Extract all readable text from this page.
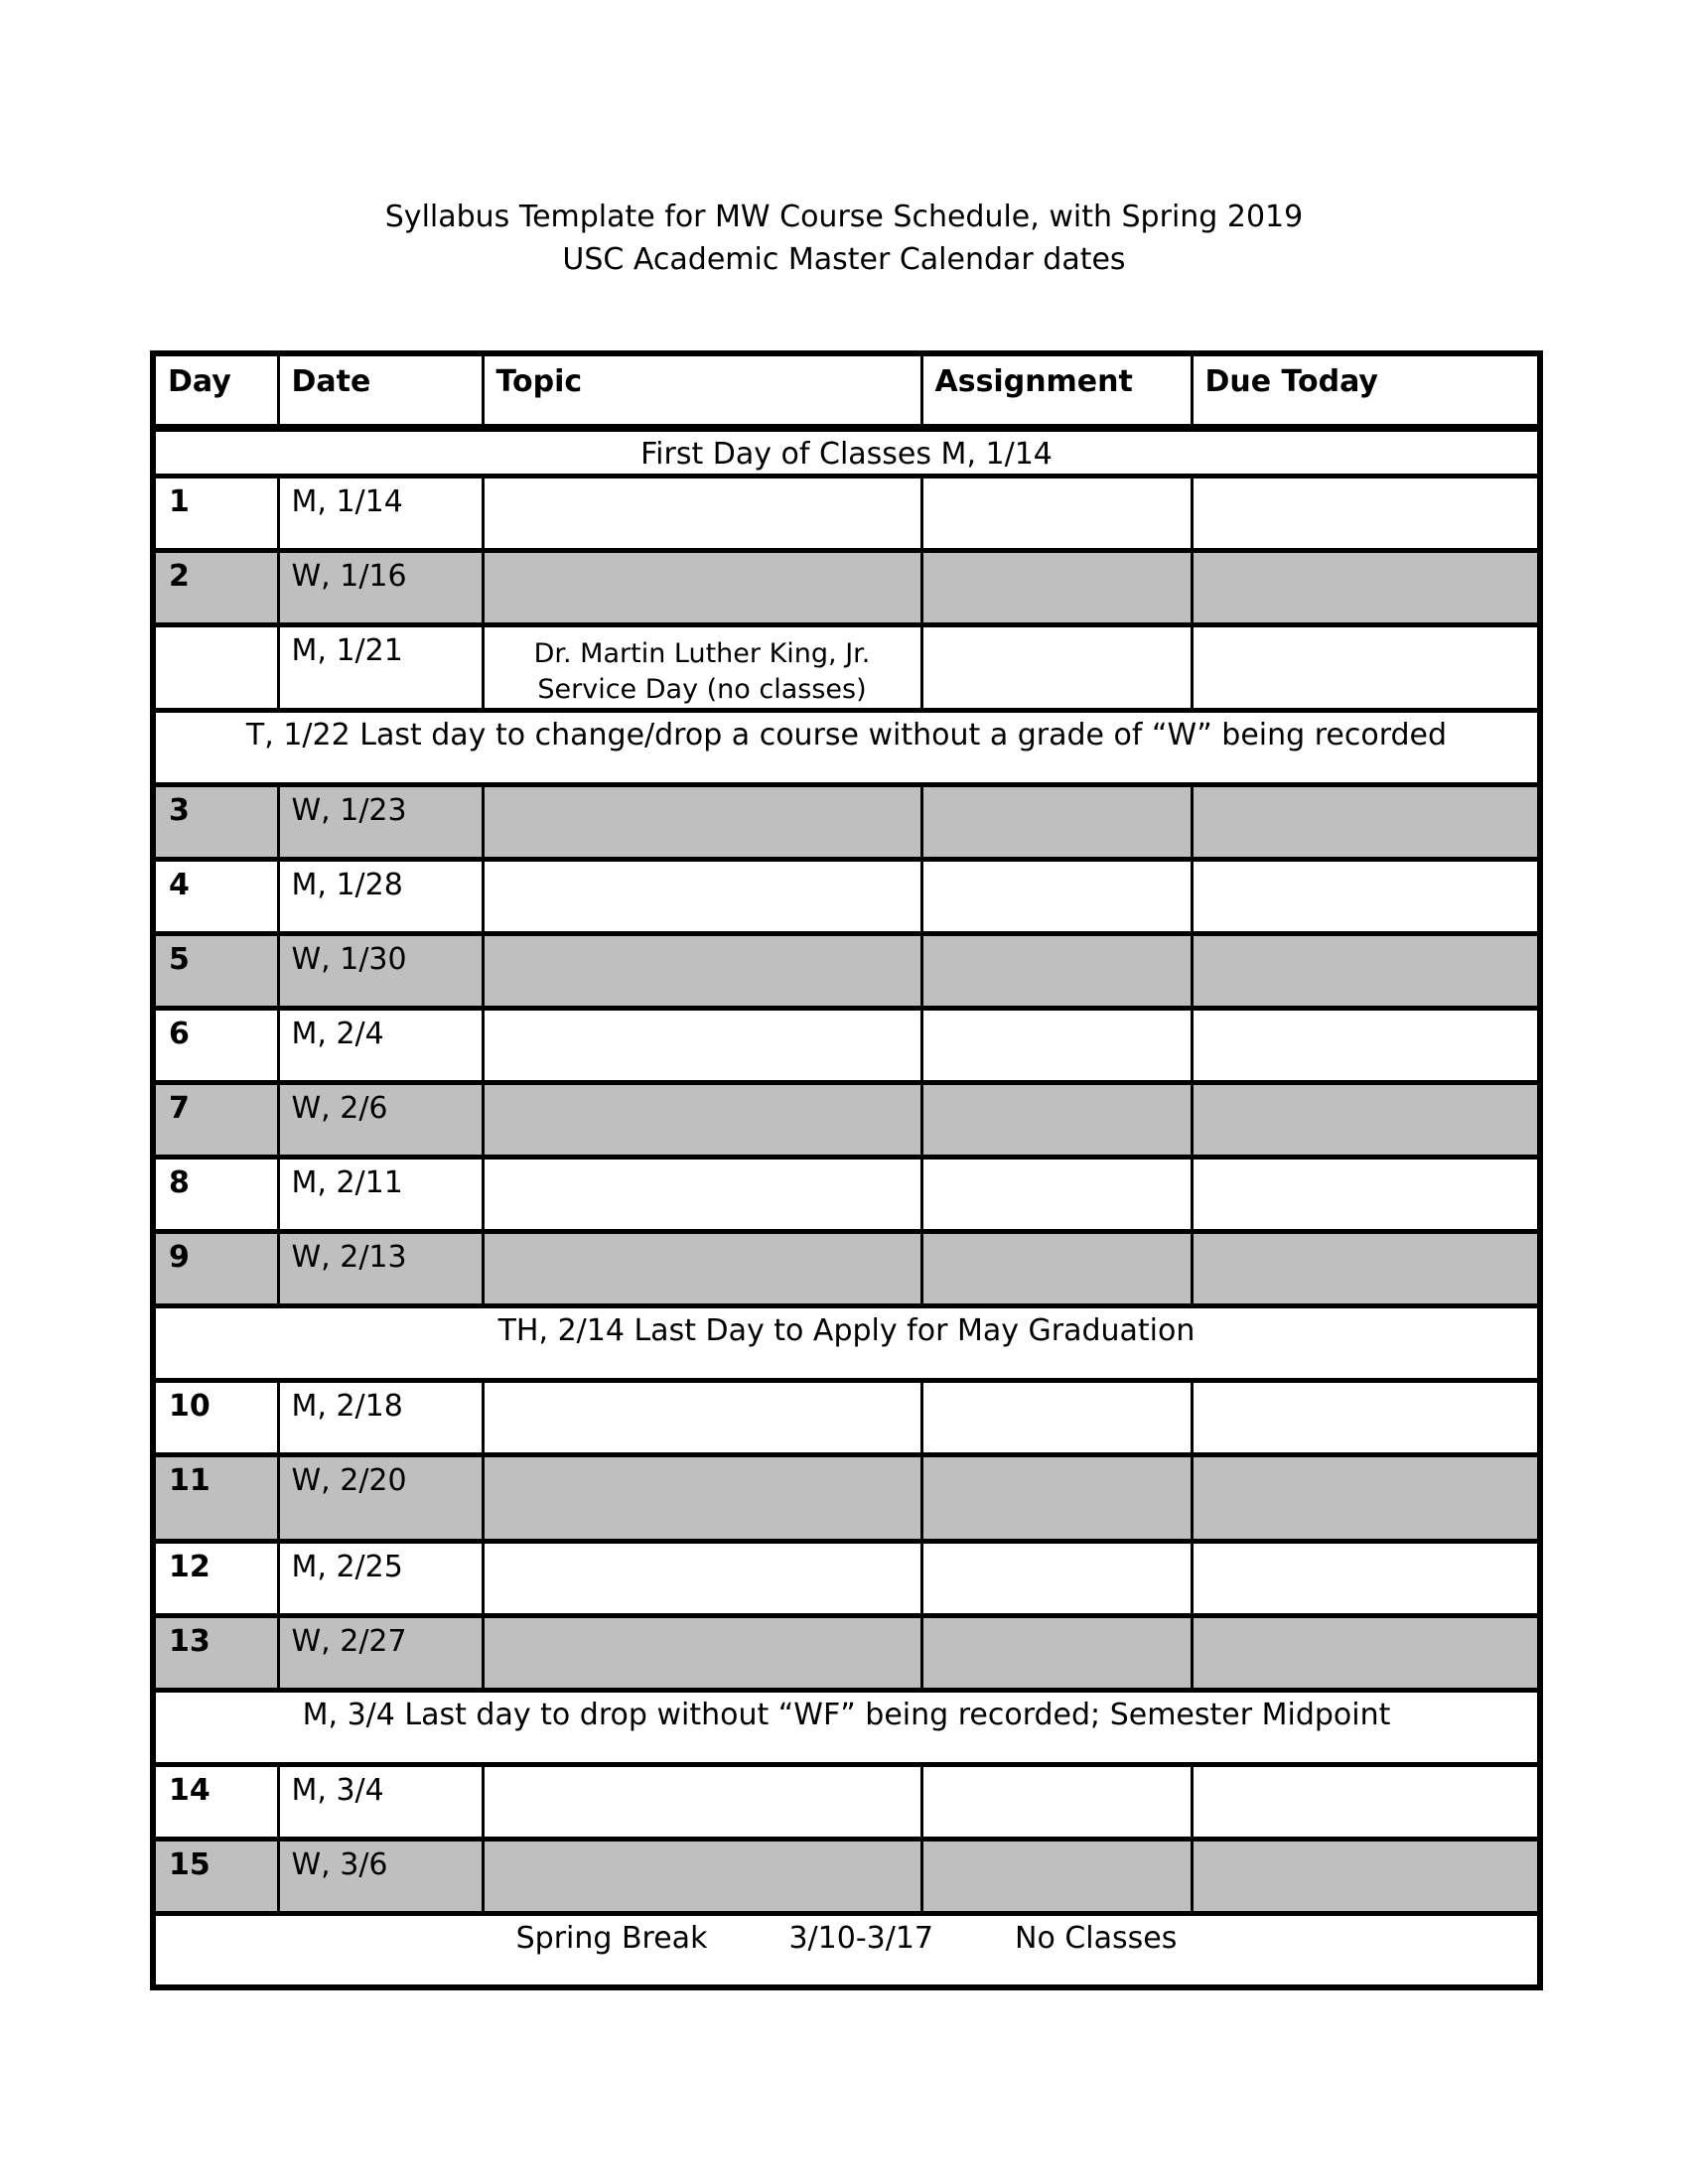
Syllabus Template for MW Course Schedule, with Spring 2019
USC Academic Master Calendar dates
Day	Date	Topic	Assignment	Due Today
First Day of Classes M, 1/14				
1	M, 1/14			
2	W, 1/16			
	M, 1/21	Dr. Martin Luther King, Jr.
Service Day (no classes)		

T, 1/22 Last day to change/drop a course without a grade of “W” being recorded				
3	W, 1/23			
4	M, 1/28			
5	W, 1/30			
6	M, 2/4			
7	W, 2/6			
8	M, 2/11			
9	W, 2/13			
TH, 2/14 Last Day to Apply for May Graduation				
10	M, 2/18			
11	W, 2/20			
12	M, 2/25			
13	W, 2/27			
M, 3/4 Last day to drop without “WF” being recorded; Semester Midpoint				
14	M, 3/4			
15	W, 3/6			

Spring Break 3/10-3/17 No Classes				
